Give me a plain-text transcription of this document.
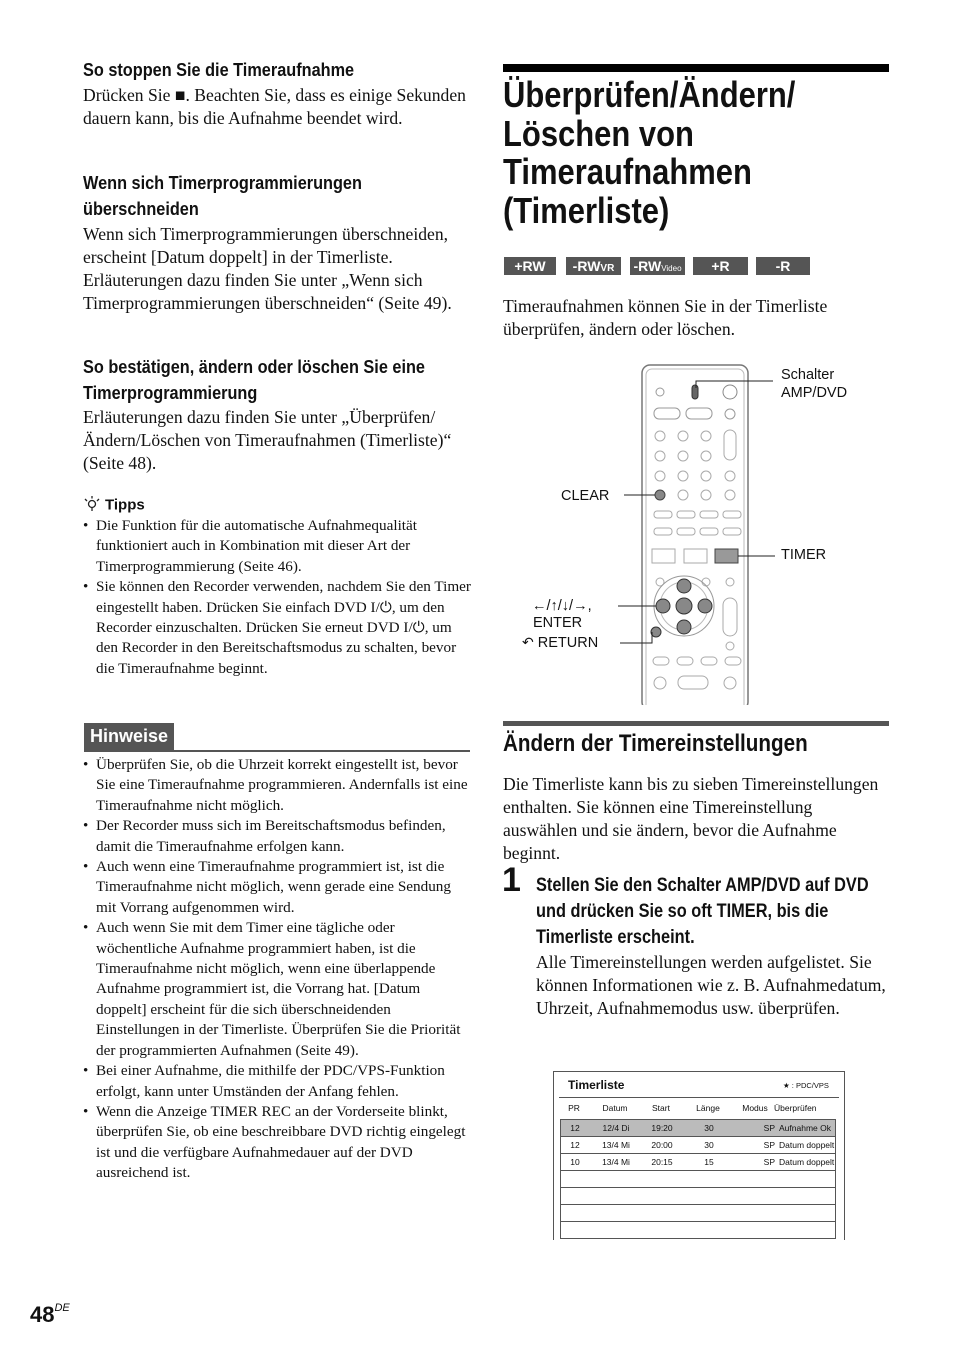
So stoppen Sie die Timeraufnahme
Drücken Sie ■. Beachten Sie, dass es einige Sekunden dauern kann, bis die Aufnahme beendet wird.
Wenn sich Timerprogrammierungen
überschneiden
Wenn sich Timerprogrammierungen überschneiden, erscheint [Datum doppelt] in der Timerliste. Erläuterungen dazu finden Sie unter „Wenn sich Timerprogrammierungen überschneiden“ (Seite 49).
So bestätigen, ändern oder löschen Sie eine
Timerprogrammierung
Erläuterungen dazu finden Sie unter „Überprüfen/ Ändern/Löschen von Timeraufnahmen (Timerliste)“ (Seite 48).
Tipps
• Die Funktion für die automatische Aufnahmequalität funktioniert auch in Kombination mit dieser Art der Timerprogrammierung (Seite 46).
• Sie können den Recorder verwenden, nachdem Sie den Timer eingestellt haben. Drücken Sie einfach DVD I/⏻, um den Recorder einzuschalten. Drücken Sie erneut DVD I/⏻, um den Recorder in den Bereitschaftsmodus zu schalten, bevor die Timeraufnahme beginnt.
Hinweise
• Überprüfen Sie, ob die Uhrzeit korrekt eingestellt ist, bevor Sie eine Timeraufnahme programmieren. Andernfalls ist eine Timeraufnahme nicht möglich.
• Der Recorder muss sich im Bereitschaftsmodus befinden, damit die Timeraufnahme erfolgen kann.
• Auch wenn eine Timeraufnahme programmiert ist, ist die Timeraufnahme nicht möglich, wenn gerade eine Sendung mit Vorrang aufgenommen wird.
• Auch wenn Sie mit dem Timer eine tägliche oder wöchentliche Aufnahme programmiert haben, ist die Timeraufnahme nicht möglich, wenn eine überlappende Aufnahme programmiert ist, die Vorrang hat. [Datum doppelt] erscheint für die sich überschneidenden Einstellungen in der Timerliste. Überprüfen Sie die Priorität der programmierten Aufnahmen (Seite 49).
• Bei einer Aufnahme, die mithilfe der PDC/VPS-Funktion erfolgt, kann unter Umständen der Anfang fehlen.
• Wenn die Anzeige TIMER REC an der Vorderseite blinkt, überprüfen Sie, ob eine beschreibbare DVD richtig eingelegt ist und die verfügbare Aufnahmedauer auf der DVD ausreichend ist.
Überprüfen/Ändern/
Löschen von
Timeraufnahmen
(Timerliste)
+RW	-RWVR	-RWVideo	+R	-R
Timeraufnahmen können Sie in der Timerliste überprüfen, ändern oder löschen.
Schalter
AMP/DVD
CLEAR
TIMER
←/↑/↓/→,
ENTER
↶ RETURN
Ändern der Timereinstellungen
Die Timerliste kann bis zu sieben Timereinstellungen enthalten. Sie können eine Timereinstellung auswählen und sie ändern, bevor die Aufnahme beginnt.
1 Stellen Sie den Schalter AMP/DVD auf DVD
und drücken Sie so oft TIMER, bis die
Timerliste erscheint.
Alle Timereinstellungen werden aufgelistet. Sie können Informationen wie z. B. Aufnahmedatum, Uhrzeit, Aufnahmemodus usw. überprüfen.
Timerliste	★ : PDC/VPS
PR	Datum	Start	Länge	Modus	Überprüfen
12	12/4 Di	19:20	30	SP	Aufnahme Ok
12	13/4 Mi	20:00	30	SP	Datum doppelt
10	13/4 Mi	20:15	15	SP	Datum doppelt

48DE
